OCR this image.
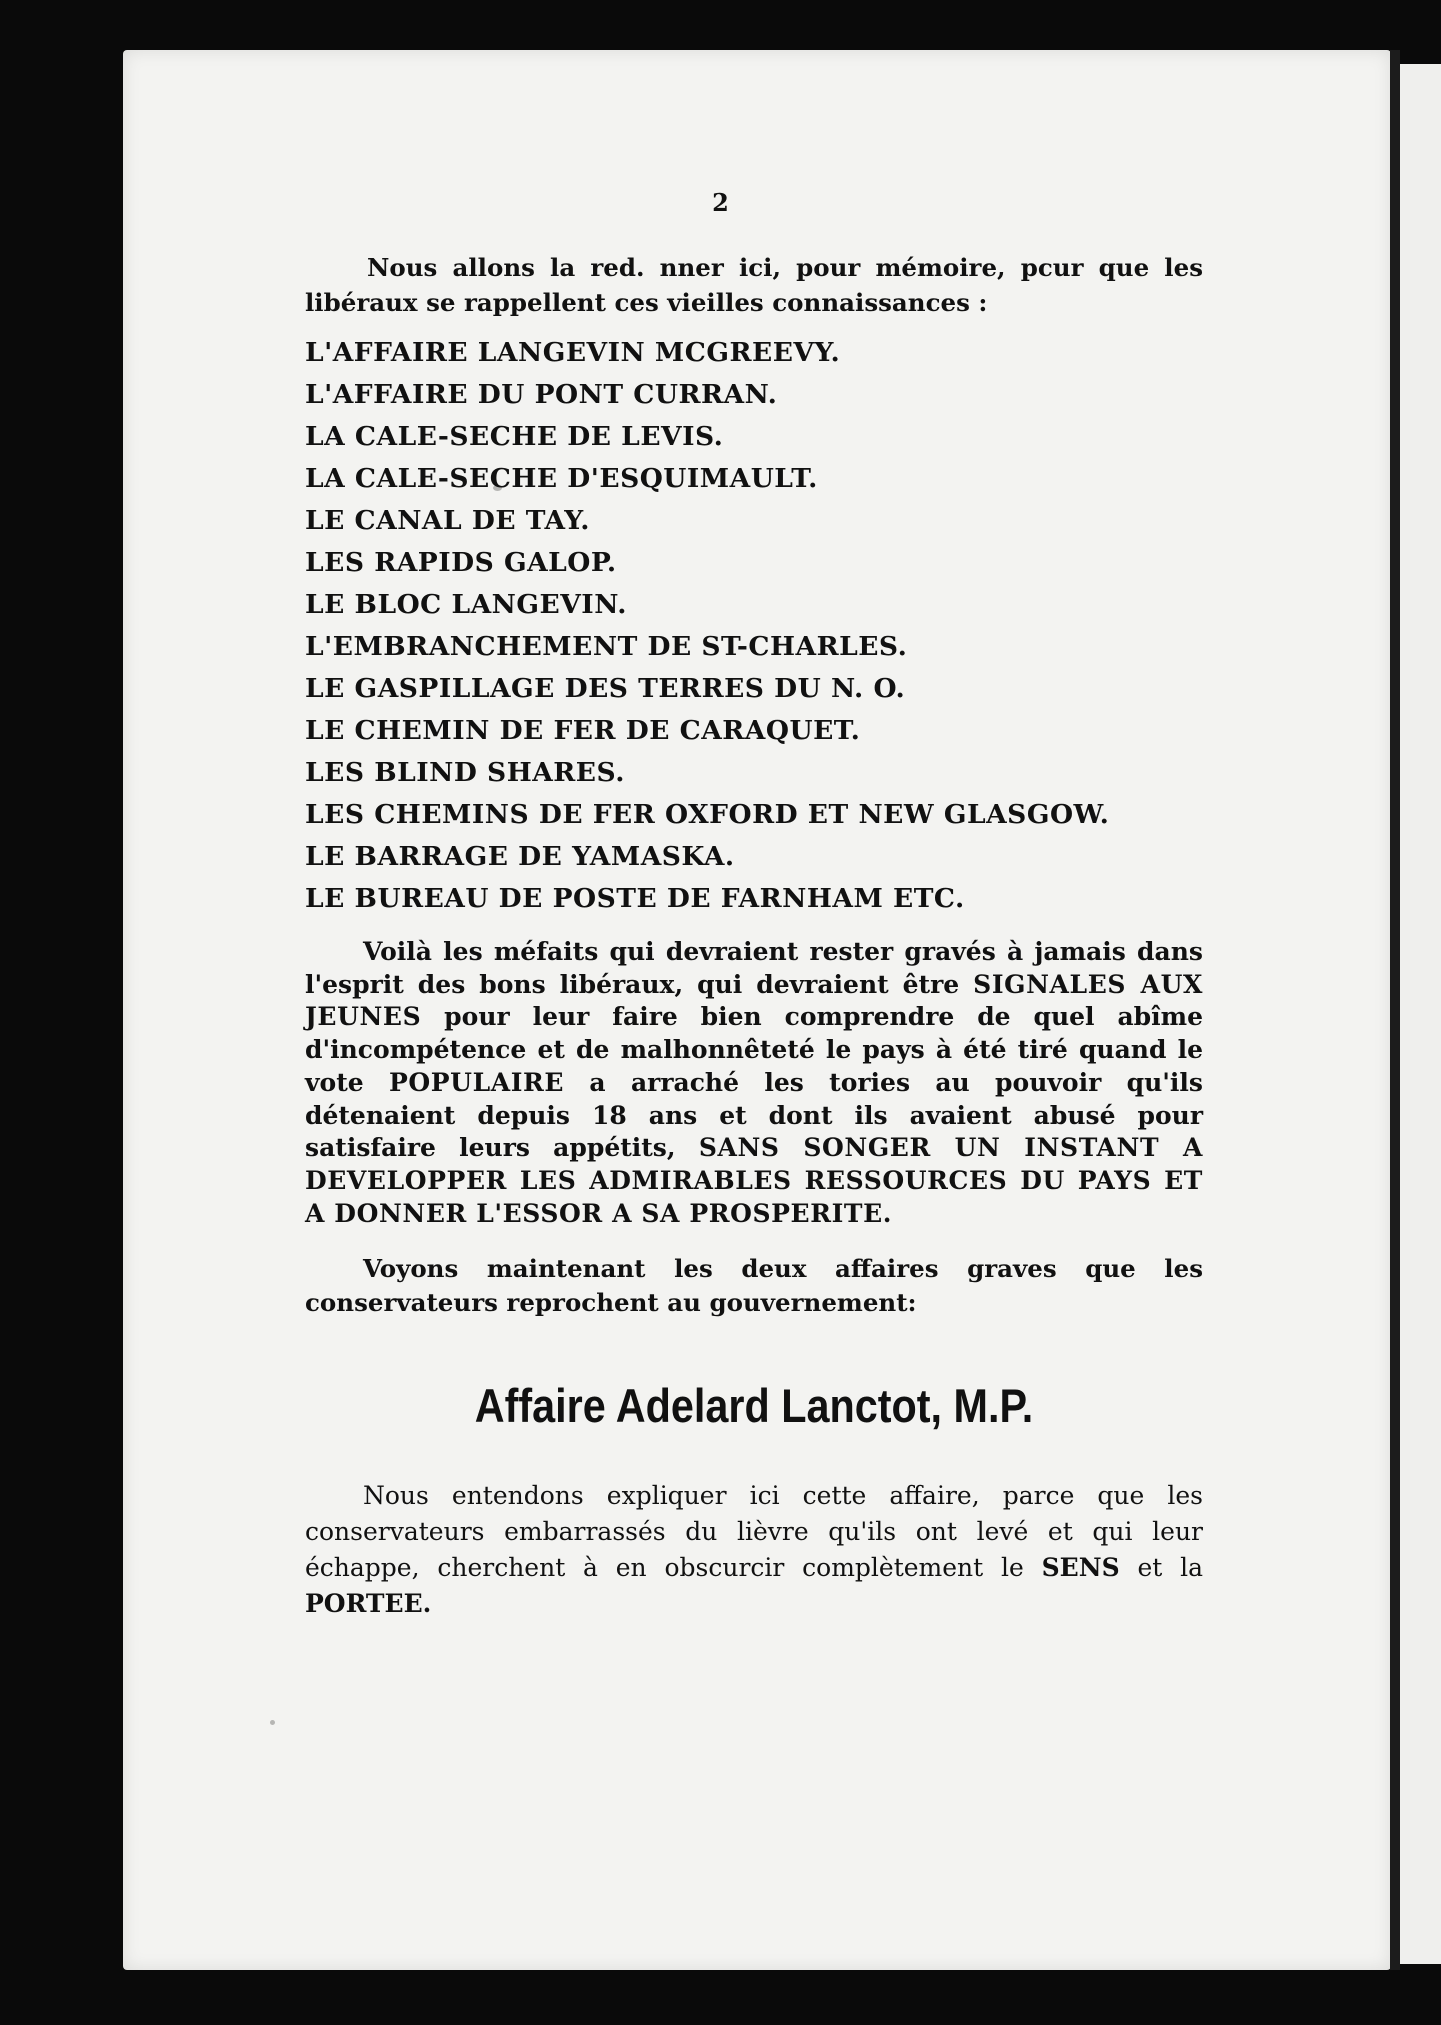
2

Nous allons la red. nner ici, pour mémoire, pcur que les libéraux se rappellent ces vieilles connaissances :

L'AFFAIRE LANGEVIN MCGREEVY.
L'AFFAIRE DU PONT CURRAN.
LA CALE-SECHE DE LEVIS.
LA CALE-SECHE D'ESQUIMAULT.
LE CANAL DE TAY.
LES RAPIDS GALOP.
LE BLOC LANGEVIN.
L'EMBRANCHEMENT DE ST-CHARLES.
LE GASPILLAGE DES TERRES DU N. O.
LE CHEMIN DE FER DE CARAQUET.
LES BLIND SHARES.
LES CHEMINS DE FER OXFORD ET NEW GLASGOW.
LE BARRAGE DE YAMASKA.
LE BUREAU DE POSTE DE FARNHAM ETC.

Voilà les méfaits qui devraient rester gravés à jamais dans l'esprit des bons libéraux, qui devraient être SIGNALES AUX JEUNES pour leur faire bien comprendre de quel abîme d'incompétence et de malhonnêteté le pays à été tiré quand le vote POPULAIRE a arraché les tories au pouvoir qu'ils détenaient depuis 18 ans et dont ils avaient abusé pour satisfaire leurs appétits, SANS SONGER UN INSTANT A DEVELOPPER LES ADMIRABLES RESSOURCES DU PAYS ET A DONNER L'ESSOR A SA PROSPERITE.

Voyons maintenant les deux affaires graves que les conservateurs reprochent au gouvernement:

Affaire Adelard Lanctot, M.P.

Nous entendons expliquer ici cette affaire, parce que les conservateurs embarrassés du lièvre qu'ils ont levé et qui leur échappe, cherchent à en obscurcir complètement le SENS et la PORTEE.
